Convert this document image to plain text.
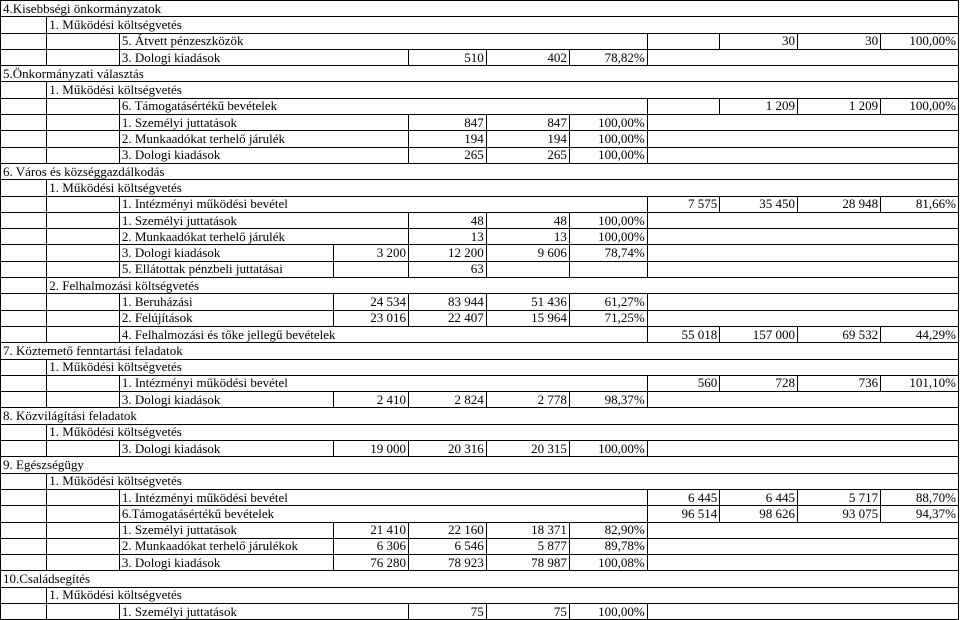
4.Kisebbségi önkormányzatok										
	1. Működési költségvetés									
		5. Átvett pénzeszközök						30	30	100,00%
		3. Dologi kiadások		510	402	78,82%				
5.Önkormányzati választás										
	1. Működési költségvetés									
		6. Támogatásértékű bevételek						1 209	1 209	100,00%
		1. Személyi juttatások		847	847	100,00%				
		2. Munkaadókat terhelő járulék		194	194	100,00%				
		3. Dologi kiadások		265	265	100,00%				
6. Város és községgazdálkodás										
	1. Működési költségvetés									
		1. Intézményi működési bevétel					7 575	35 450	28 948	81,66%
		1. Személyi juttatások		48	48	100,00%				
		2. Munkaadókat terhelő járulék		13	13	100,00%				
		3. Dologi kiadások	3 200	12 200	9 606	78,74%				
		5. Ellátottak pénzbeli juttatásai		63						
	2. Felhalmozási költségvetés									
		1. Beruházási	24 534	83 944	51 436	61,27%				
		2. Felújítások	23 016	22 407	15 964	71,25%				
		4. Felhalmozási és tőke jellegű bevételek					55 018	157 000	69 532	44,29%
7. Köztemető fenntartási feladatok										
	1. Működési költségvetés									
		1. Intézményi működési bevétel					560	728	736	101,10%
		3. Dologi kiadások	2 410	2 824	2 778	98,37%				
8. Közvilágítási feladatok										
	1. Működési költségvetés									
		3. Dologi kiadások	19 000	20 316	20 315	100,00%				
9. Egészségügy										
	1. Működési költségvetés									
		1. Intézményi működési bevétel					6 445	6 445	5 717	88,70%
		6.Támogatásértékű bevételek					96 514	98 626	93 075	94,37%
		1. Személyi juttatások	21 410	22 160	18 371	82,90%				
		2. Munkaadókat terhelő járulékok	6 306	6 546	5 877	89,78%				
		3. Dologi kiadások	76 280	78 923	78 987	100,08%				
10.Családsegítés										
	1. Működési költségvetés									
		1. Személyi juttatások		75	75	100,00%				
